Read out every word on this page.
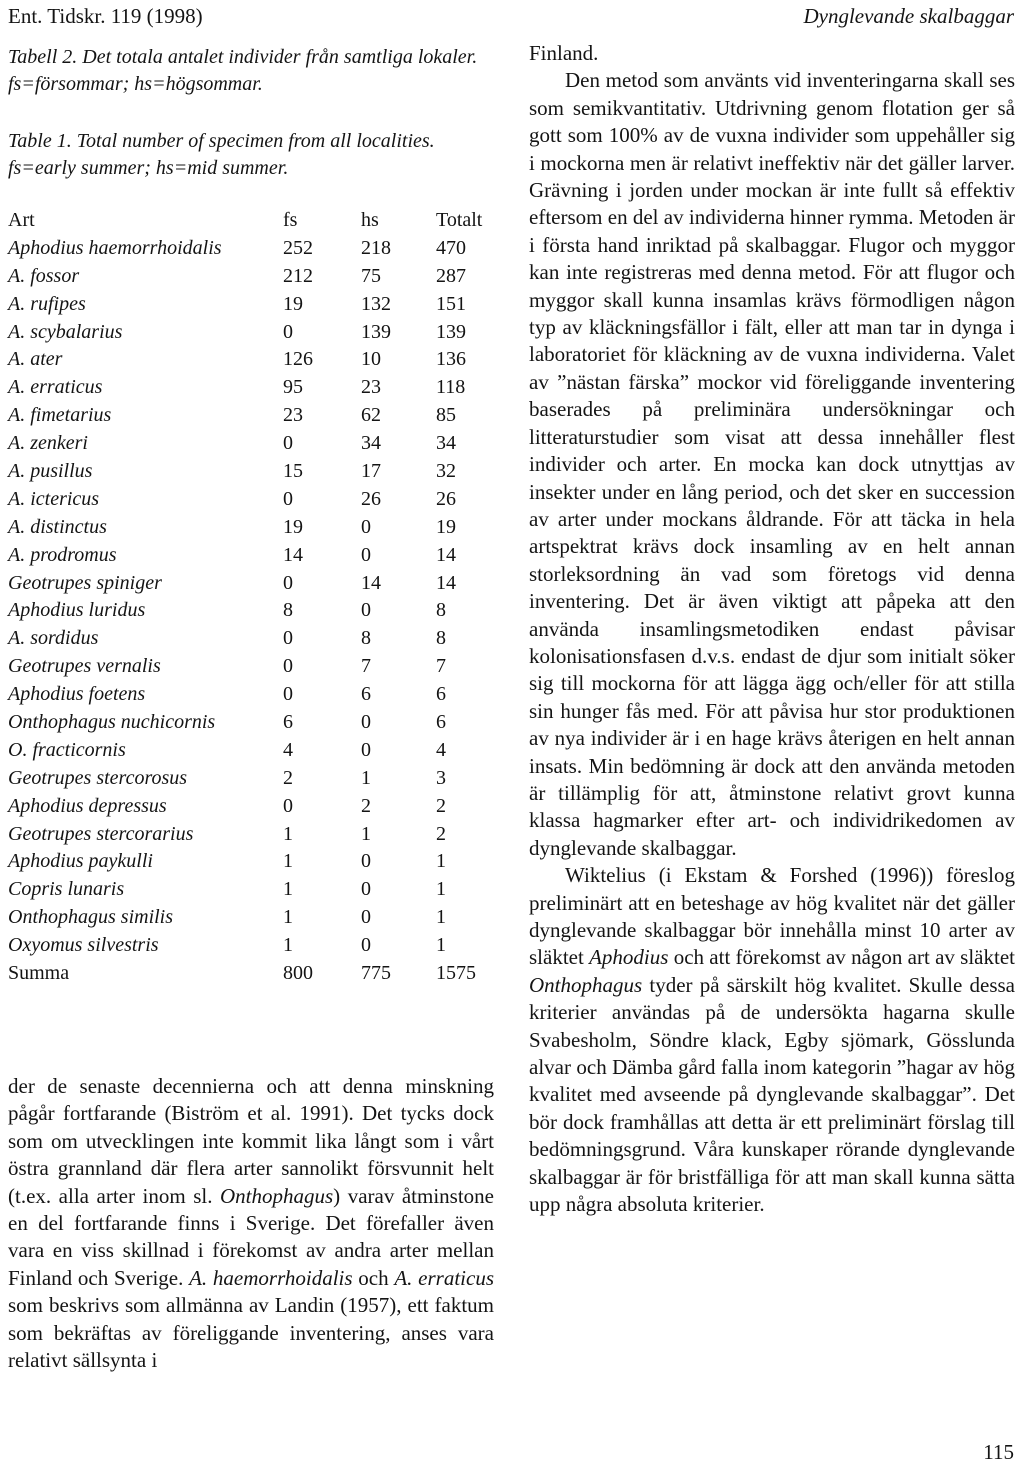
Ent. Tidskr. 119 (1998)	Dynglevande skalbaggar
Tabell 2. Det totala antalet individer från samtliga lokaler. fs=försommar; hs=högsommar.
Table 1. Total number of specimen from all localities. fs=early summer; hs=mid summer.
Art	fs	hs	Totalt
Aphodius haemorrhoidalis	252 218 470
A. fossor	212 75	287
A. rufipes	19	132 151
A. scybalarius	0	139 139
A. ater	126 10	136
A. erraticus	95	23	118
A. fimetarius	23	62	85
A. zenkeri	0	34	34
A. pusillus	15	17	32
A. ictericus	0	26	26
A. distinctus	19	0	19
A. prodromus	14	0	14
Geotrupes spiniger	0	14	14
Aphodius luridus	8	0	8
A. sordidus	0	8	8
Geotrupes vernalis	0	7	7
Aphodius foetens	0	6	6
Onthophagus nuchicornis	6	0	6
O. fracticornis	4	0	4
Geotrupes stercorosus	2	1	3
Aphodius depressus	0	2	2
Geotrupes stercorarius	1	1	2
Aphodius paykulli	1	0	1
Copris lunaris	1	0	1
Onthophagus similis	1	0	1
Oxyomus silvestris	1	0	1
Summa	800 775 1575
der de senaste decennierna och att denna minskning pågår fortfarande (Biström et al. 1991). Det tycks dock som om utvecklingen inte kommit lika långt som i vårt östra grannland där flera arter sannolikt försvunnit helt (t.ex. alla arter inom sl. Onthophagus) varav åtminstone en del fortfarande finns i Sverige. Det förefaller även vara en viss skillnad i förekomst av andra arter mellan Finland och Sverige. A. haemorrhoidalis och A. erraticus som beskrivs som allmänna av Landin (1957), ett faktum som bekräftas av föreliggande inventering, anses vara relativt sällsynta i

Finland.

Den metod som använts vid inventeringarna skall ses som semikvantitativ. Utdrivning genom flotation ger så gott som 100% av de vuxna individer som uppehåller sig i mockorna men är relativt ineffektiv när det gäller larver. Grävning i jorden under mockan är inte fullt så effektiv eftersom en del av individerna hinner rymma. Metoden är i första hand inriktad på skalbaggar. Flugor och myggor kan inte registreras med denna metod. För att flugor och myggor skall kunna insamlas krävs förmodligen någon typ av kläckningsfällor i fält, eller att man tar in dynga i laboratoriet för kläckning av de vuxna individerna. Valet av ”nästan färska” mockor vid föreliggande inventering baserades på preliminära undersökningar och litteraturstudier som visat att dessa innehåller flest individer och arter. En mocka kan dock utnyttjas av insekter under en lång period, och det sker en succession av arter under mockans åldrande. För att täcka in hela artspektrat krävs dock insamling av en helt annan storleksordning än vad som företogs vid denna inventering. Det är även viktigt att påpeka att den använda insamlingsmetodiken endast påvisar kolonisationsfasen d.v.s. endast de djur som initialt söker sig till mockorna för att lägga ägg och/eller för att stilla sin hunger fås med. För att påvisa hur stor produktionen av nya individer är i en hage krävs återigen en helt annan insats. Min bedömning är dock att den använda metoden är tillämplig för att, åtminstone relativt grovt kunna klassa hagmarker efter art- och individrikedomen av dynglevande skalbaggar.

Wiktelius (i Ekstam & Forshed (1996)) föreslog preliminärt att en beteshage av hög kvalitet när det gäller dynglevande skalbaggar bör innehålla minst 10 arter av släktet Aphodius och att förekomst av någon art av släktet Onthophagus tyder på särskilt hög kvalitet. Skulle dessa kriterier användas på de undersökta hagarna skulle Svabesholm, Söndre klack, Egby sjömark, Gösslunda alvar och Dämba gård falla inom kategorin ”hagar av hög kvalitet med avseende på dynglevande skalbaggar”. Det bör dock framhållas att detta är ett preliminärt förslag till bedömningsgrund. Våra kunskaper rörande dynglevande skalbaggar är för bristfälliga för att man skall kunna sätta upp några absoluta kriterier.

115
